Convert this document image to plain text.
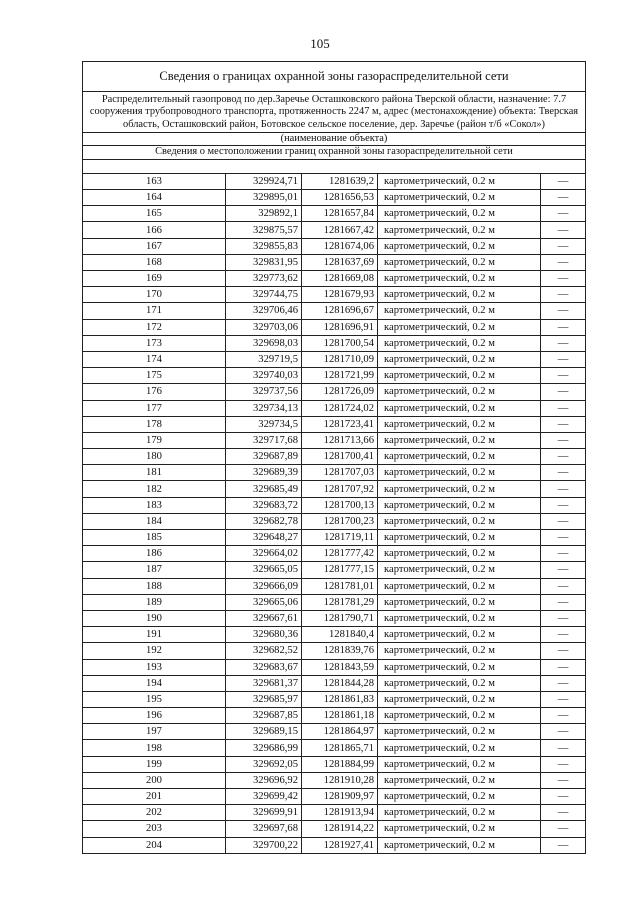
105
Сведения о границах охранной зоны газораспределительной сети
Распределительный газопровод по дер.Заречье Осташковского района Тверской области, назначение: 7.7 сооружения трубопроводного транспорта, протяженность 2247 м, адрес (местонахождение) объекта: Тверская область, Осташковский район, Ботовское сельское поселение, дер. Заречье (район т/б «Сокол»)
(наименование объекта)
Сведения о местоположении границ охранной зоны газораспределительной сети
163	329924,71	1281639,2	картометрический, 0.2 м	—
164	329895,01	1281656,53	картометрический, 0.2 м	—
165	329892,1	1281657,84	картометрический, 0.2 м	—
166	329875,57	1281667,42	картометрический, 0.2 м	—
167	329855,83	1281674,06	картометрический, 0.2 м	—
168	329831,95	1281637,69	картометрический, 0.2 м	—
169	329773,62	1281669,08	картометрический, 0.2 м	—
170	329744,75	1281679,93	картометрический, 0.2 м	—
171	329706,46	1281696,67	картометрический, 0.2 м	—
172	329703,06	1281696,91	картометрический, 0.2 м	—
173	329698,03	1281700,54	картометрический, 0.2 м	—
174	329719,5	1281710,09	картометрический, 0.2 м	—
175	329740,03	1281721,99	картометрический, 0.2 м	—
176	329737,56	1281726,09	картометрический, 0.2 м	—
177	329734,13	1281724,02	картометрический, 0.2 м	—
178	329734,5	1281723,41	картометрический, 0.2 м	—
179	329717,68	1281713,66	картометрический, 0.2 м	—
180	329687,89	1281700,41	картометрический, 0.2 м	—
181	329689,39	1281707,03	картометрический, 0.2 м	—
182	329685,49	1281707,92	картометрический, 0.2 м	—
183	329683,72	1281700,13	картометрический, 0.2 м	—
184	329682,78	1281700,23	картометрический, 0.2 м	—
185	329648,27	1281719,11	картометрический, 0.2 м	—
186	329664,02	1281777,42	картометрический, 0.2 м	—
187	329665,05	1281777,15	картометрический, 0.2 м	—
188	329666,09	1281781,01	картометрический, 0.2 м	—
189	329665,06	1281781,29	картометрический, 0.2 м	—
190	329667,61	1281790,71	картометрический, 0.2 м	—
191	329680,36	1281840,4	картометрический, 0.2 м	—
192	329682,52	1281839,76	картометрический, 0.2 м	—
193	329683,67	1281843,59	картометрический, 0.2 м	—
194	329681,37	1281844,28	картометрический, 0.2 м	—
195	329685,97	1281861,83	картометрический, 0.2 м	—
196	329687,85	1281861,18	картометрический, 0.2 м	—
197	329689,15	1281864,97	картометрический, 0.2 м	—
198	329686,99	1281865,71	картометрический, 0.2 м	—
199	329692,05	1281884,99	картометрический, 0.2 м	—
200	329696,92	1281910,28	картометрический, 0.2 м	—
201	329699,42	1281909,97	картометрический, 0.2 м	—
202	329699,91	1281913,94	картометрический, 0.2 м	—
203	329697,68	1281914,22	картометрический, 0.2 м	—
204	329700,22	1281927,41	картометрический, 0.2 м	—
